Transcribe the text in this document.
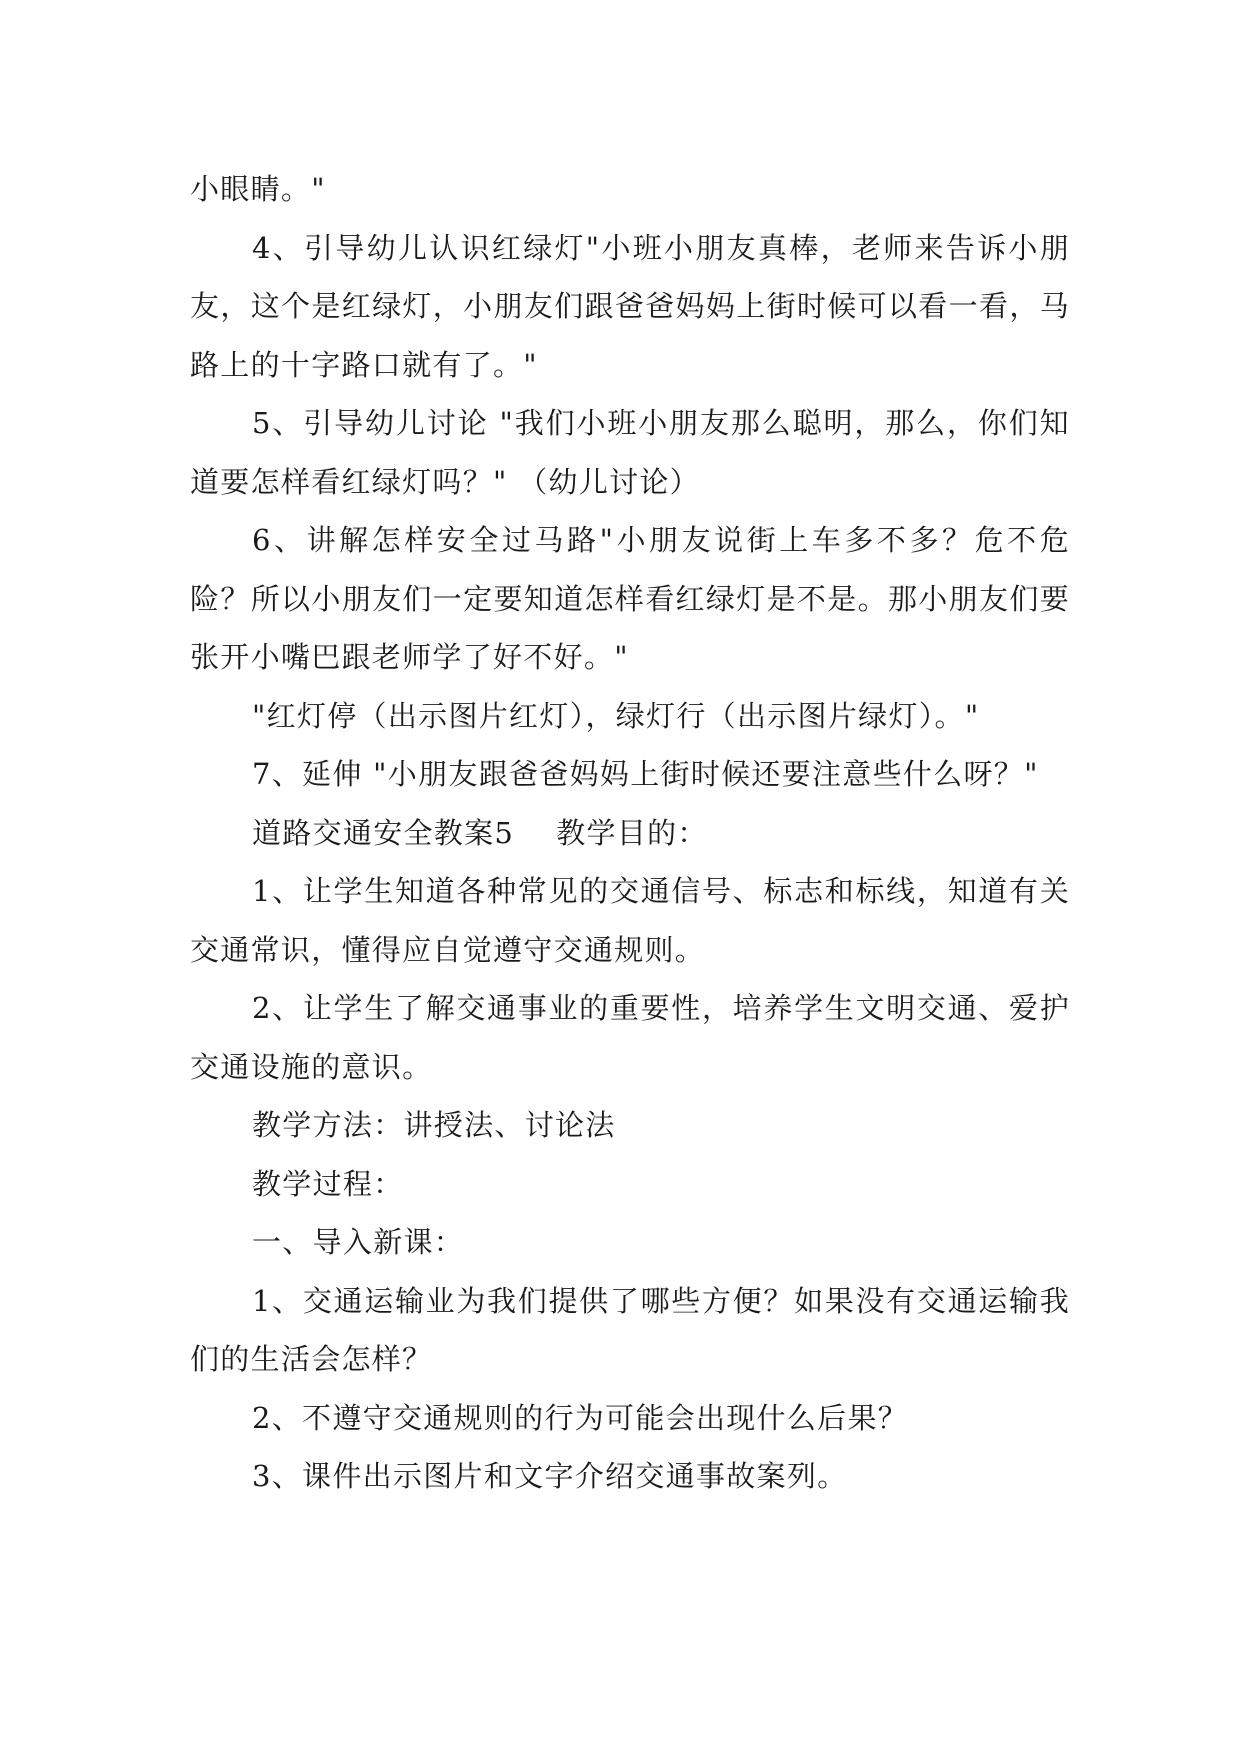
小眼睛。"

4、引导幼儿认识红绿灯"小班小朋友真棒，老师来告诉小朋友，这个是红绿灯，小朋友们跟爸爸妈妈上街时候可以看一看，马路上的十字路口就有了。"

5、引导幼儿讨论 "我们小班小朋友那么聪明，那么，你们知道要怎样看红绿灯吗？" （幼儿讨论）

6、讲解怎样安全过马路"小朋友说街上车多不多？危不危险？所以小朋友们一定要知道怎样看红绿灯是不是。那小朋友们要张开小嘴巴跟老师学了好不好。"

"红灯停（出示图片红灯），绿灯行（出示图片绿灯）。"

7、延伸 "小朋友跟爸爸妈妈上街时候还要注意些什么呀？"

道路交通安全教案5    教学目的：

1、让学生知道各种常见的交通信号、标志和标线，知道有关交通常识，懂得应自觉遵守交通规则。

2、让学生了解交通事业的重要性，培养学生文明交通、爱护交通设施的意识。

教学方法：讲授法、讨论法

教学过程：

一、导入新课：

1、交通运输业为我们提供了哪些方便？如果没有交通运输我们的生活会怎样？

2、不遵守交通规则的行为可能会出现什么后果？

3、课件出示图片和文字介绍交通事故案列。
